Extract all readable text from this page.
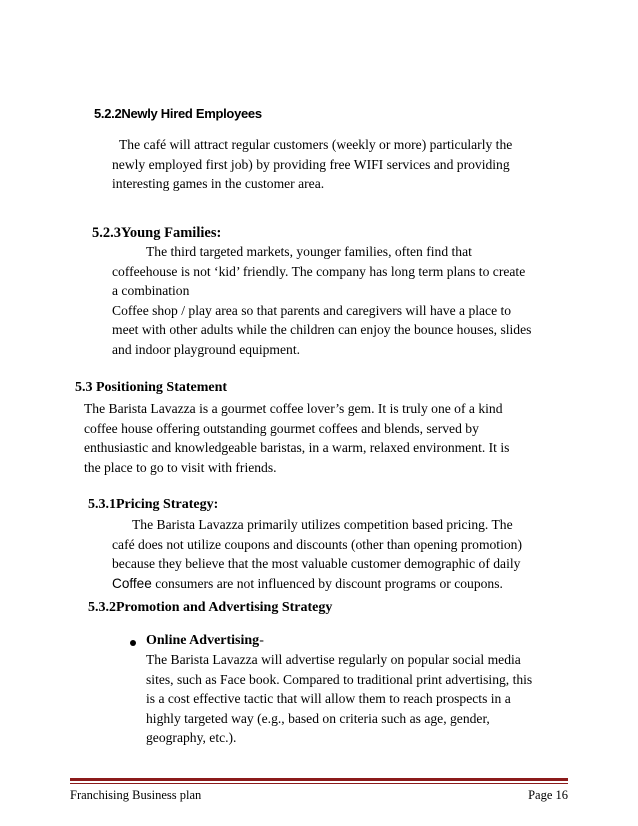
5.2.2Newly Hired Employees
The café will attract regular customers (weekly or more) particularly the
newly employed first job) by providing free WIFI services and providing
interesting games in the customer area.
5.2.3Young Families:
The third targeted markets, younger families, often find that
coffeehouse is not ‘kid’ friendly. The company has long term plans to create
a combination
Coffee shop / play area so that parents and caregivers will have a place to
meet with other adults while the children can enjoy the bounce houses, slides
and indoor playground equipment.
5.3 Positioning Statement
The Barista Lavazza is a gourmet coffee lover’s gem. It is truly one of a kind
coffee house offering outstanding gourmet coffees and blends, served by
enthusiastic and knowledgeable baristas, in a warm, relaxed environment. It is
the place to go to visit with friends.
5.3.1Pricing Strategy:
The Barista Lavazza primarily utilizes competition based pricing. The
café does not utilize coupons and discounts (other than opening promotion)
because they believe that the most valuable customer demographic of daily
Coffee consumers are not influenced by discount programs or coupons.
5.3.2Promotion and Advertising Strategy
Online Advertising-
The Barista Lavazza will advertise regularly on popular social media
sites, such as Face book. Compared to traditional print advertising, this
is a cost effective tactic that will allow them to reach prospects in a
highly targeted way (e.g., based on criteria such as age, gender,
geography, etc.).
Franchising Business plan	Page 16
